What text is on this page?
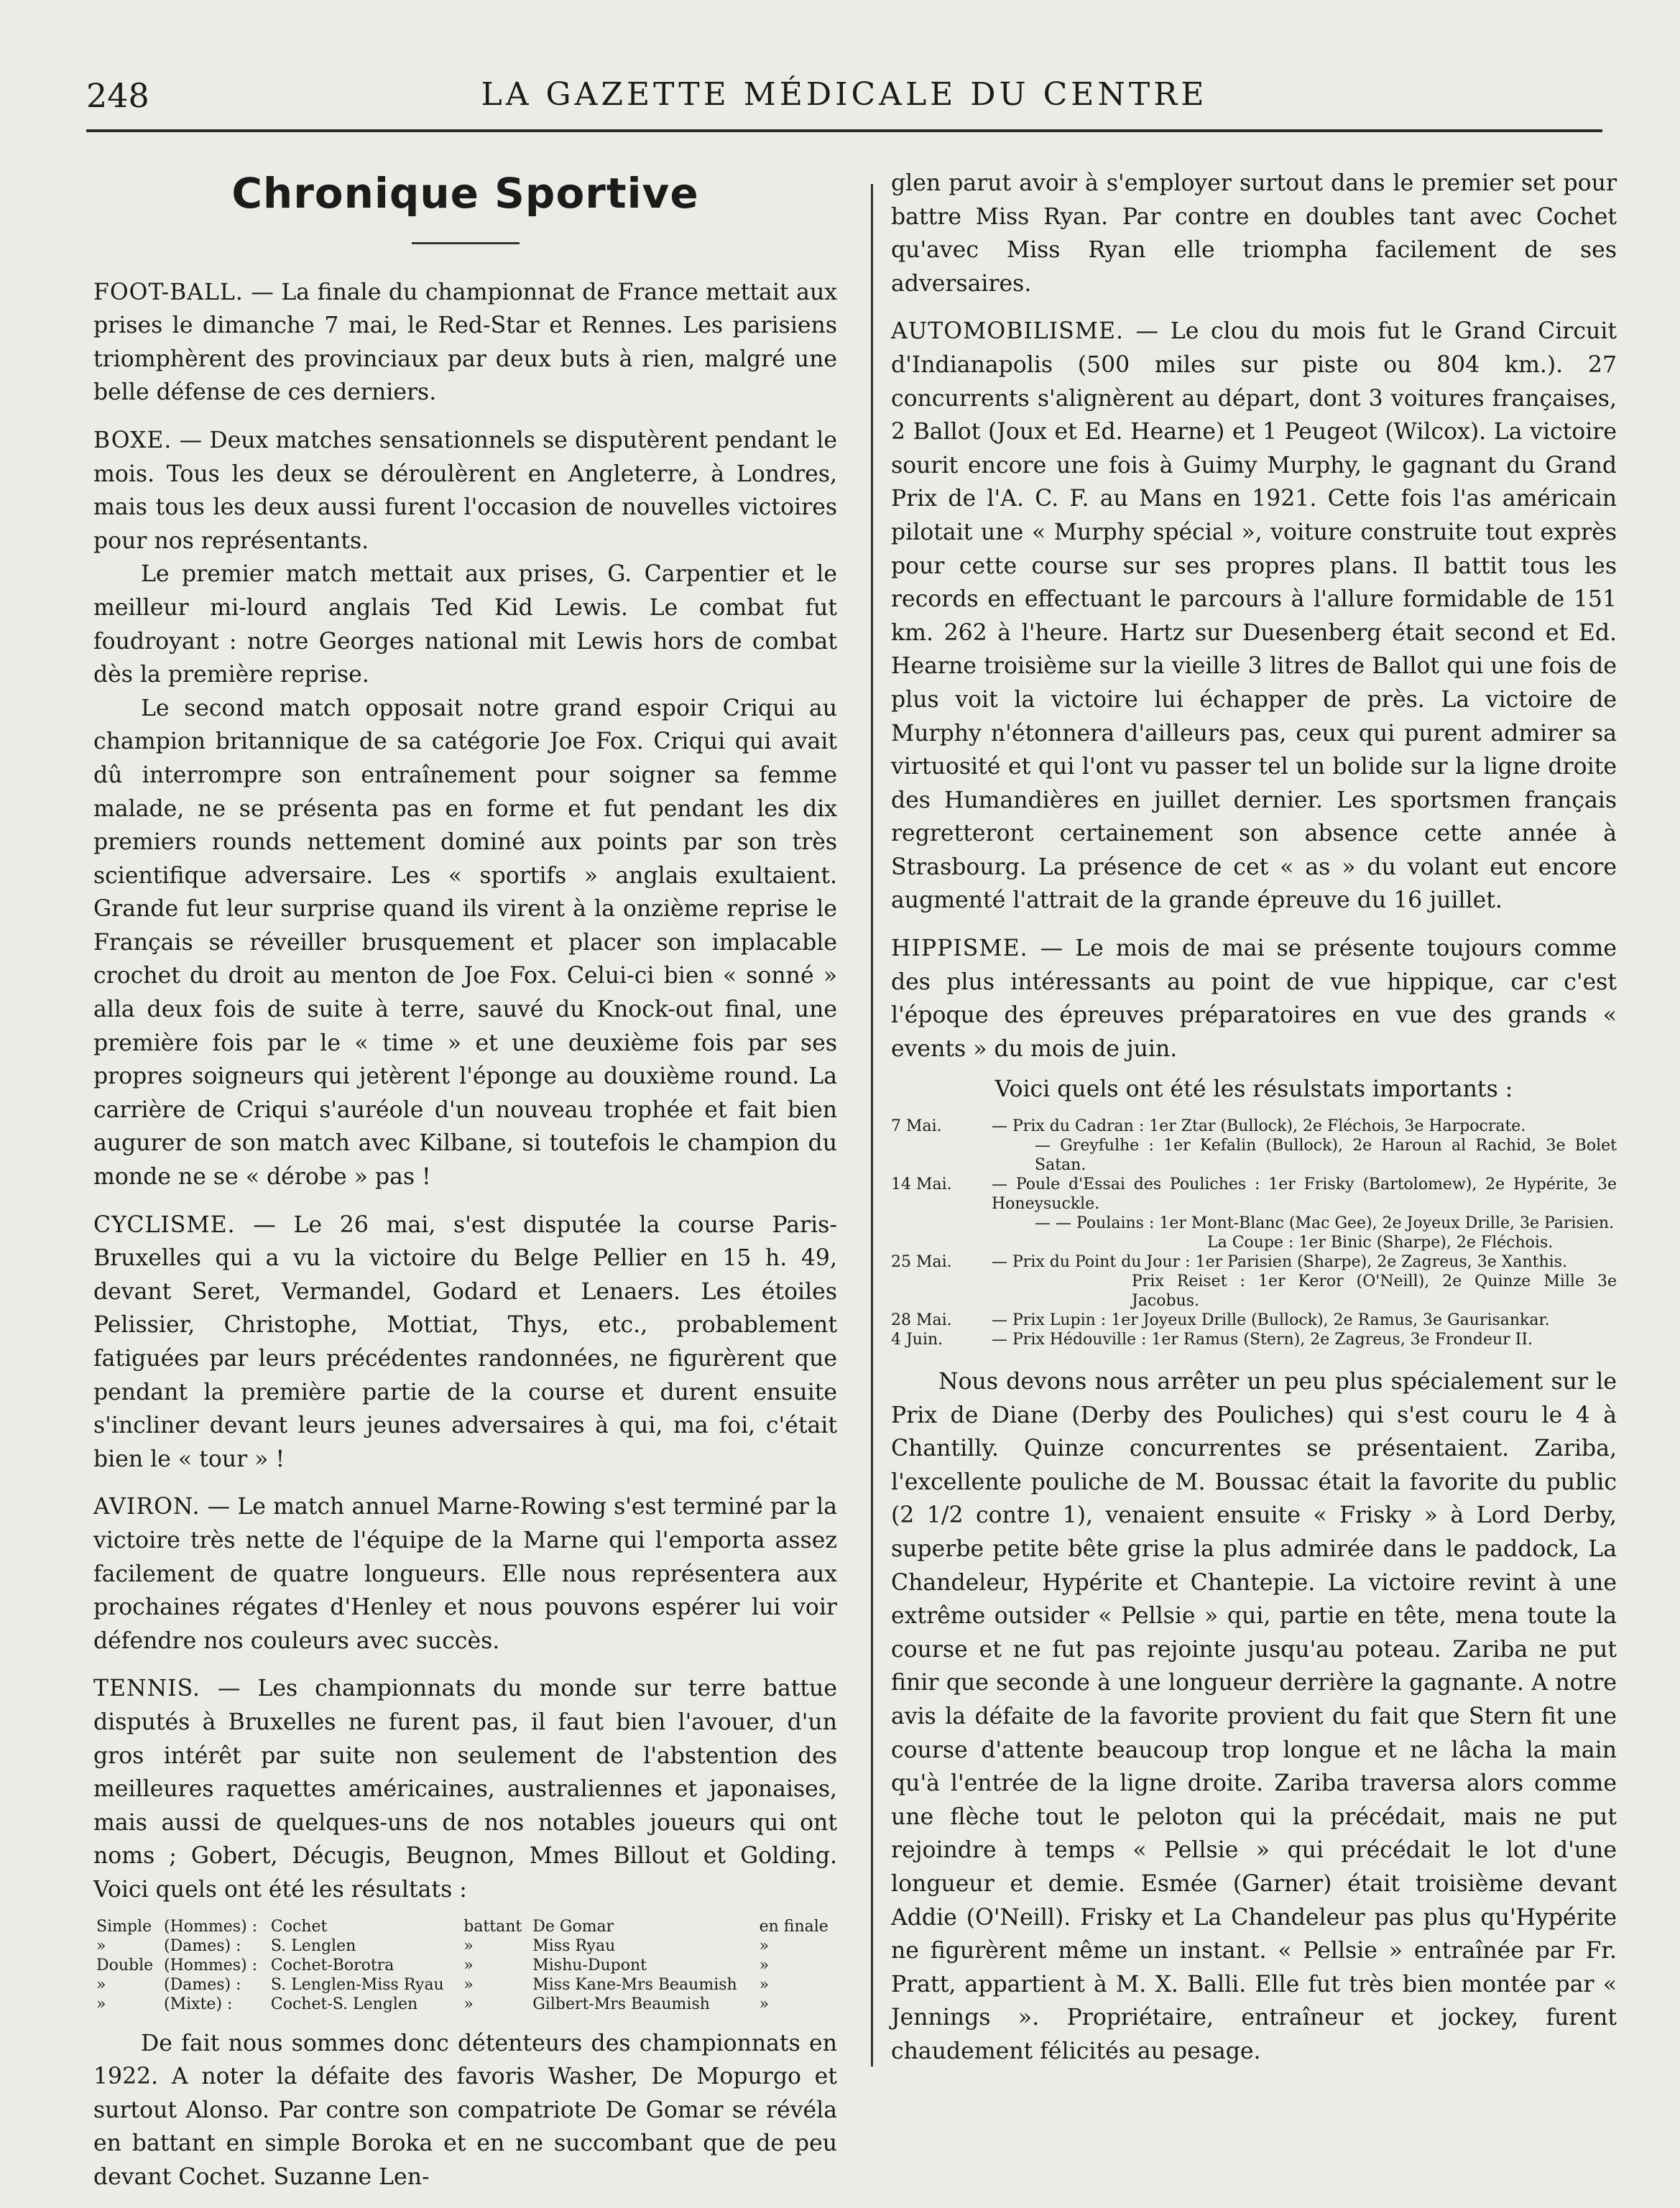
248	LA GAZETTE MÉDICALE DU CENTRE
Chronique Sportive

FOOT-BALL. — La finale du championnat de France mettait aux prises le dimanche 7 mai, le Red-Star et Rennes. Les parisiens triomphèrent des provinciaux par deux buts à rien, malgré une belle défense de ces derniers.

BOXE. — Deux matches sensationnels se disputèrent pendant le mois. Tous les deux se déroulèrent en Angleterre, à Londres, mais tous les deux aussi furent l'occasion de nouvelles victoires pour nos représentants.

Le premier match mettait aux prises, G. Carpentier et le meilleur mi-lourd anglais Ted Kid Lewis. Le combat fut foudroyant : notre Georges national mit Lewis hors de combat dès la première reprise.

Le second match opposait notre grand espoir Criqui au champion britannique de sa catégorie Joe Fox. Criqui qui avait dû interrompre son entraînement pour soigner sa femme malade, ne se présenta pas en forme et fut pendant les dix premiers rounds nettement dominé aux points par son très scientifique adversaire. Les « sportifs » anglais exultaient. Grande fut leur surprise quand ils virent à la onzième reprise le Français se réveiller brusquement et placer son implacable crochet du droit au menton de Joe Fox. Celui-ci bien « sonné » alla deux fois de suite à terre, sauvé du Knock-out final, une première fois par le « time » et une deuxième fois par ses propres soigneurs qui jetèrent l'éponge au douxième round. La carrière de Criqui s'auréole d'un nouveau trophée et fait bien augurer de son match avec Kilbane, si toutefois le champion du monde ne se « dérobe » pas !

CYCLISME. — Le 26 mai, s'est disputée la course Paris-Bruxelles qui a vu la victoire du Belge Pellier en 15 h. 49, devant Seret, Vermandel, Godard et Lenaers. Les étoiles Pelissier, Christophe, Mottiat, Thys, etc., probablement fatiguées par leurs précédentes randonnées, ne figurèrent que pendant la première partie de la course et durent ensuite s'incliner devant leurs jeunes adversaires à qui, ma foi, c'était bien le « tour » !

AVIRON. — Le match annuel Marne-Rowing s'est terminé par la victoire très nette de l'équipe de la Marne qui l'emporta assez facilement de quatre longueurs. Elle nous représentera aux prochaines régates d'Henley et nous pouvons espérer lui voir défendre nos couleurs avec succès.

TENNIS. — Les championnats du monde sur terre battue disputés à Bruxelles ne furent pas, il faut bien l'avouer, d'un gros intérêt par suite non seulement de l'abstention des meilleures raquettes américaines, australiennes et japonaises, mais aussi de quelques-uns de nos notables joueurs qui ont noms ; Gobert, Décugis, Beugnon, Mmes Billout et Golding. Voici quels ont été les résultats :

Simple	(Hommes) :	Cochet	battant	De Gomar	en finale
»	(Dames) :	S. Lenglen	»	Miss Ryau	»
Double	(Hommes) :	Cochet-Borotra	»	Mishu-Dupont	»
»	(Dames) :	S. Lenglen-Miss Ryau	»	Miss Kane-Mrs Beaumish	»
»	(Mixte) :	Cochet-S. Lenglen	»	Gilbert-Mrs Beaumish	»

De fait nous sommes donc détenteurs des championnats en 1922. A noter la défaite des favoris Washer, De Mopurgo et surtout Alonso. Par contre son compatriote De Gomar se révéla en battant en simple Boroka et en ne succombant que de peu devant Cochet. Suzanne Len-

glen parut avoir à s'employer surtout dans le premier set pour battre Miss Ryan. Par contre en doubles tant avec Cochet qu'avec Miss Ryan elle triompha facilement de ses adversaires.

AUTOMOBILISME. — Le clou du mois fut le Grand Circuit d'Indianapolis (500 miles sur piste ou 804 km.). 27 concurrents s'alignèrent au départ, dont 3 voitures françaises, 2 Ballot (Joux et Ed. Hearne) et 1 Peugeot (Wilcox). La victoire sourit encore une fois à Guimy Murphy, le gagnant du Grand Prix de l'A. C. F. au Mans en 1921. Cette fois l'as américain pilotait une « Murphy spécial », voiture construite tout exprès pour cette course sur ses propres plans. Il battit tous les records en effectuant le parcours à l'allure formidable de 151 km. 262 à l'heure. Hartz sur Duesenberg était second et Ed. Hearne troisième sur la vieille 3 litres de Ballot qui une fois de plus voit la victoire lui échapper de près. La victoire de Murphy n'étonnera d'ailleurs pas, ceux qui purent admirer sa virtuosité et qui l'ont vu passer tel un bolide sur la ligne droite des Humandières en juillet dernier. Les sportsmen français regretteront certainement son absence cette année à Strasbourg. La présence de cet « as » du volant eut encore augmenté l'attrait de la grande épreuve du 16 juillet.

HIPPISME. — Le mois de mai se présente toujours comme des plus intéressants au point de vue hippique, car c'est l'époque des épreuves préparatoires en vue des grands « events » du mois de juin.

Voici quels ont été les résulstats importants :

7 Mai.	— Prix du Cadran : 1er Ztar (Bullock), 2e Fléchois, 3e Harpocrate.
— Greyfulhe : 1er Kefalin (Bullock), 2e Haroun al Rachid, 3e Bolet Satan.
14 Mai.	— Poule d'Essai des Pouliches : 1er Frisky (Bartolomew), 2e Hypérite, 3e Honeysuckle.
— — Poulains : 1er Mont-Blanc (Mac Gee), 2e Joyeux Drille, 3e Parisien.
La Coupe : 1er Binic (Sharpe), 2e Fléchois.
25 Mai.	— Prix du Point du Jour : 1er Parisien (Sharpe), 2e Zagreus, 3e Xanthis.
Prix Reiset : 1er Keror (O'Neill), 2e Quinze Mille 3e Jacobus.
28 Mai.	— Prix Lupin : 1er Joyeux Drille (Bullock), 2e Ramus, 3e Gaurisankar.
4 Juin.	— Prix Hédouville : 1er Ramus (Stern), 2e Zagreus, 3e Frondeur II.

Nous devons nous arrêter un peu plus spécialement sur le Prix de Diane (Derby des Pouliches) qui s'est couru le 4 à Chantilly. Quinze concurrentes se présentaient. Zariba, l'excellente pouliche de M. Boussac était la favorite du public (2 1/2 contre 1), venaient ensuite « Frisky » à Lord Derby, superbe petite bête grise la plus admirée dans le paddock, La Chandeleur, Hypérite et Chantepie. La victoire revint à une extrême outsider « Pellsie » qui, partie en tête, mena toute la course et ne fut pas rejointe jusqu'au poteau. Zariba ne put finir que seconde à une longueur derrière la gagnante. A notre avis la défaite de la favorite provient du fait que Stern fit une course d'attente beaucoup trop longue et ne lâcha la main qu'à l'entrée de la ligne droite. Zariba traversa alors comme une flèche tout le peloton qui la précédait, mais ne put rejoindre à temps « Pellsie » qui précédait le lot d'une longueur et demie. Esmée (Garner) était troisième devant Addie (O'Neill). Frisky et La Chandeleur pas plus qu'Hypérite ne figurèrent même un instant. « Pellsie » entraînée par Fr. Pratt, appartient à M. X. Balli. Elle fut très bien montée par « Jennings ». Propriétaire, entraîneur et jockey, furent chaudement félicités au pesage.
